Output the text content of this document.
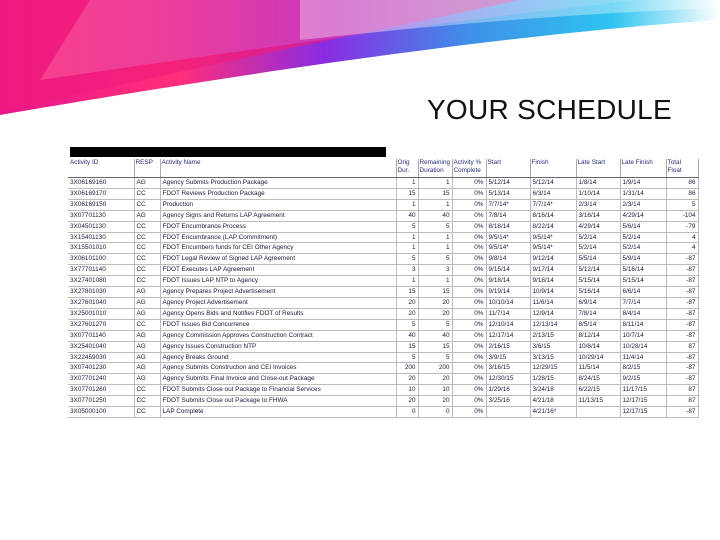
YOUR SCHEDULE
Activity ID	RESP	Activity Name	Orig Dur.	Remaining Duration	Activity % Complete	Start	Finish	Late Start	Late Finish	Total Float
3X06169160	AG	Agency Submits Production Package	1	1	0%	5/12/14	5/12/14	1/8/14	1/9/14	86
3X06169170	CC	FDOT Reviews Production Package	15	15	0%	5/13/14	6/3/14	1/10/14	1/31/14	86
3X06169150	CC	Production	1	1	0%	7/7/14*	7/7/14*	2/3/14	2/3/14	5
3X07701130	AG	Agency Signs and Returns LAP Agreement	40	40	0%	7/8/14	8/16/14	3/16/14	4/29/14	-104
3X04501130	CC	FDOT Encumbrance Process	5	5	0%	8/18/14	8/22/14	4/29/14	5/6/14	-79
3X15401130	CC	FDOT Encumbrance (LAP Commitment)	1	1	0%	9/5/14*	9/5/14*	5/2/14	5/2/14	4
3X15501010	CC	FDOT Encumbers funds for CEI Other Agency	1	1	0%	9/5/14*	9/5/14*	5/2/14	5/2/14	4
3X06101100	CC	FDOT Legal Review of Signed LAP Agreement	5	5	0%	9/8/14	9/12/14	5/5/14	5/9/14	-87
3X77701140	CC	FDOT Executes LAP Agreement	3	3	0%	9/15/14	9/17/14	5/12/14	5/16/14	-87
3X27401080	CC	FDOT Issues LAP NTP to Agency	1	1	0%	9/18/14	9/18/14	5/15/14	5/15/14	-87
3X27801030	AG	Agency Prepares Project Advertisement	15	15	0%	9/19/14	10/9/14	5/16/14	6/6/14	-87
3X27601040	AG	Agency Project Advertisement	20	20	0%	10/10/14	11/6/14	6/9/14	7/7/14	-87
3X25001010	AG	Agency Opens Bids and Notifies FDOT of Results	20	20	0%	11/7/14	12/9/14	7/8/14	8/4/14	-87
3X27601270	CC	FDOT Issues Bid Concurrence	5	5	0%	12/10/14	12/13/14	8/5/14	8/11/14	-87
3X07701140	AG	Agency Commission Approves Construction Contract	40	40	0%	12/17/14	2/13/15	8/12/14	10/7/14	-87
3X25401040	AG	Agency Issues Construction NTP	15	15	0%	2/16/15	3/6/15	10/8/14	10/28/14	87
3X22459030	AG	Agency Breaks Ground	5	5	0%	3/9/15	3/13/15	10/29/14	11/4/14	-87
3X07401230	AG	Agency Submits Construction and CEI Invoices	200	200	0%	3/16/15	12/29/15	11/5/14	8/2/15	-87
3X07701240	AG	Agency Submits Final Invoice and Close-out Package	20	20	0%	12/30/15	1/28/15	8/24/15	9/2/15	-87
3X07701260	CC	FDOT Submits Close out Package to Financial Services	10	10	0%	1/29/16	3/24/18	6/22/15	11/17/15	87
3X07701250	CC	FDOT Submits Close out Package to FHWA	20	20	0%	3/25/16	4/21/18	11/13/15	12/17/15	87
3X05000100	CC	LAP Complete	0	0	0%		4/21/16*		12/17/15	-87
